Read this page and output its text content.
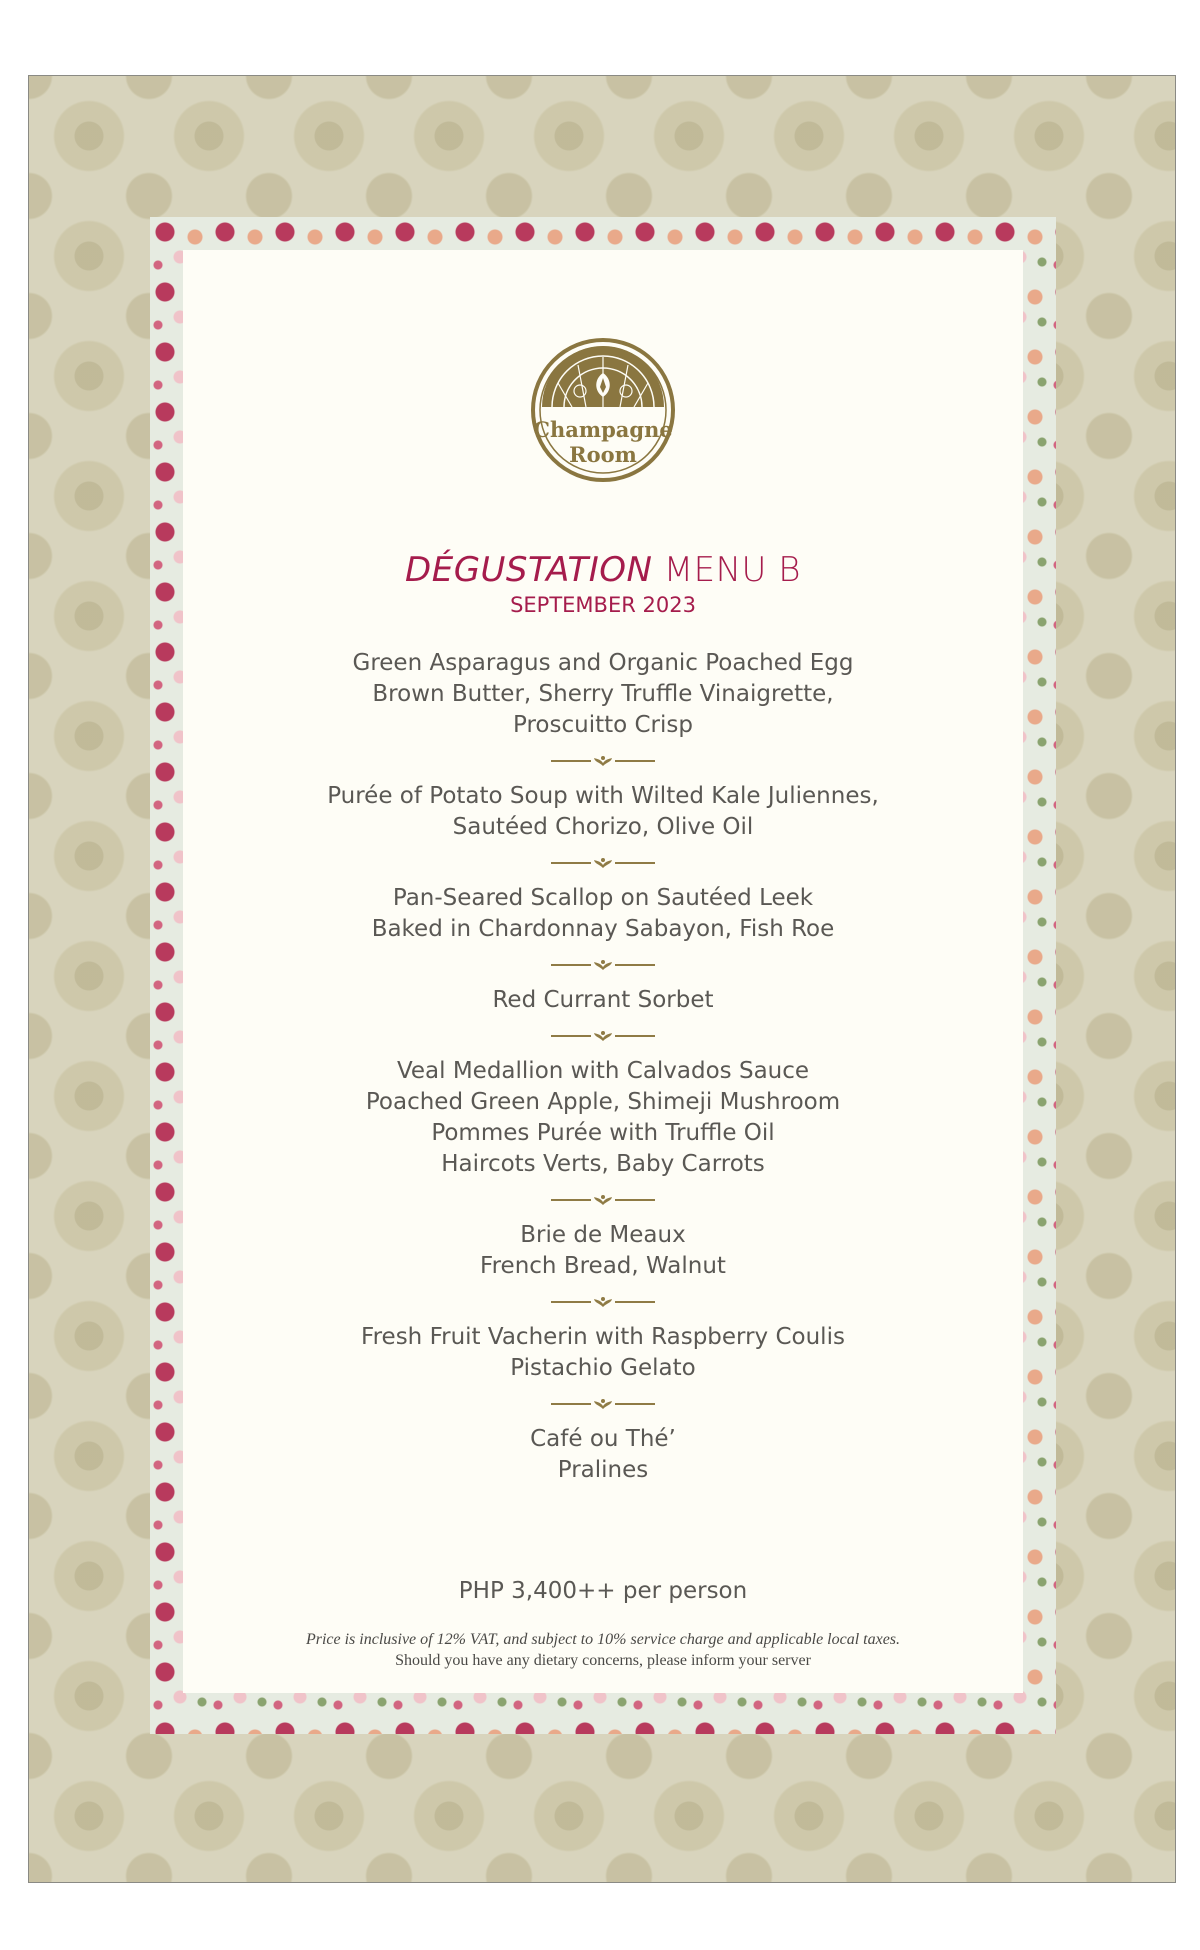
Champagne
Room
DÉGUSTATION MENU B
SEPTEMBER 2023
Green Asparagus and Organic Poached Egg
Brown Butter, Sherry Truffle Vinaigrette,
Proscuitto Crisp
Purée of Potato Soup with Wilted Kale Juliennes,
Sautéed Chorizo, Olive Oil
Pan-Seared Scallop on Sautéed Leek
Baked in Chardonnay Sabayon, Fish Roe
Red Currant Sorbet
Veal Medallion with Calvados Sauce
Poached Green Apple, Shimeji Mushroom
Pommes Purée with Truffle Oil
Haircots Verts, Baby Carrots
Brie de Meaux
French Bread, Walnut
Fresh Fruit Vacherin with Raspberry Coulis
Pistachio Gelato
Café ou Thé’
Pralines
PHP 3,400++ per person
Price is inclusive of 12% VAT, and subject to 10% service charge and applicable local taxes.
Should you have any dietary concerns, please inform your server
